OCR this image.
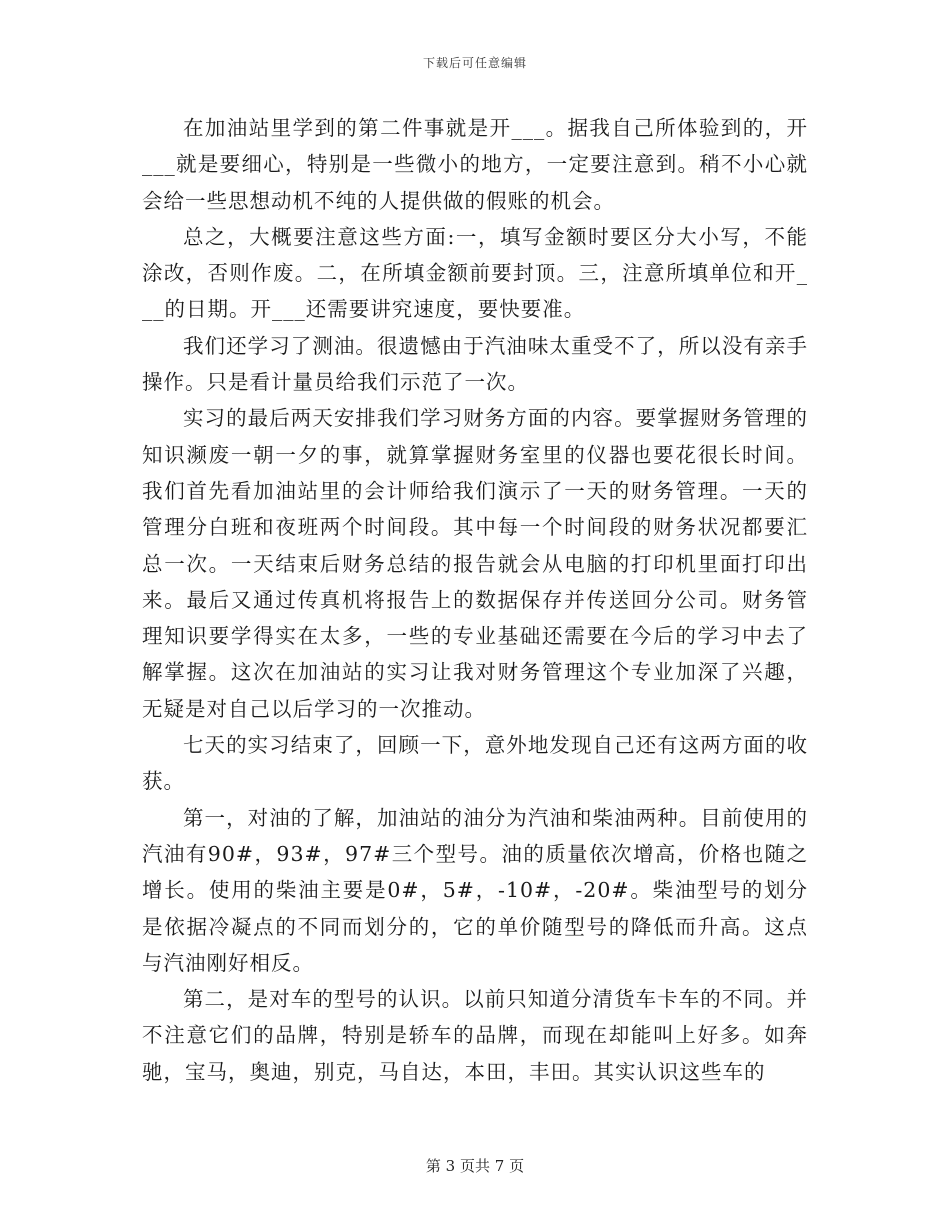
下载后可任意编辑

在加油站里学到的第二件事就是开___。据我自己所体验到的，开___就是要细心，特别是一些微小的地方，一定要注意到。稍不小心就会给一些思想动机不纯的人提供做的假账的机会。

总之，大概要注意这些方面:一，填写金额时要区分大小写，不能涂改，否则作废。二，在所填金额前要封顶。三，注意所填单位和开___的日期。开___还需要讲究速度，要快要准。

我们还学习了测油。很遗憾由于汽油味太重受不了，所以没有亲手操作。只是看计量员给我们示范了一次。

实习的最后两天安排我们学习财务方面的内容。要掌握财务管理的知识濒废一朝一夕的事，就算掌握财务室里的仪器也要花很长时间。我们首先看加油站里的会计师给我们演示了一天的财务管理。一天的管理分白班和夜班两个时间段。其中每一个时间段的财务状况都要汇总一次。一天结束后财务总结的报告就会从电脑的打印机里面打印出来。最后又通过传真机将报告上的数据保存并传送回分公司。财务管理知识要学得实在太多，一些的专业基础还需要在今后的学习中去了解掌握。这次在加油站的实习让我对财务管理这个专业加深了兴趣，无疑是对自己以后学习的一次推动。

七天的实习结束了，回顾一下，意外地发现自己还有这两方面的收获。

第一，对油的了解，加油站的油分为汽油和柴油两种。目前使用的汽油有90#，93#，97#三个型号。油的质量依次增高，价格也随之增长。使用的柴油主要是0#，5#，-10#，-20#。柴油型号的划分是依据冷凝点的不同而划分的，它的单价随型号的降低而升高。这点与汽油刚好相反。

第二，是对车的型号的认识。以前只知道分清货车卡车的不同。并不注意它们的品牌，特别是轿车的品牌，而现在却能叫上好多。如奔驰，宝马，奥迪，别克，马自达，本田，丰田。其实认识这些车的

第 3 页共 7 页
